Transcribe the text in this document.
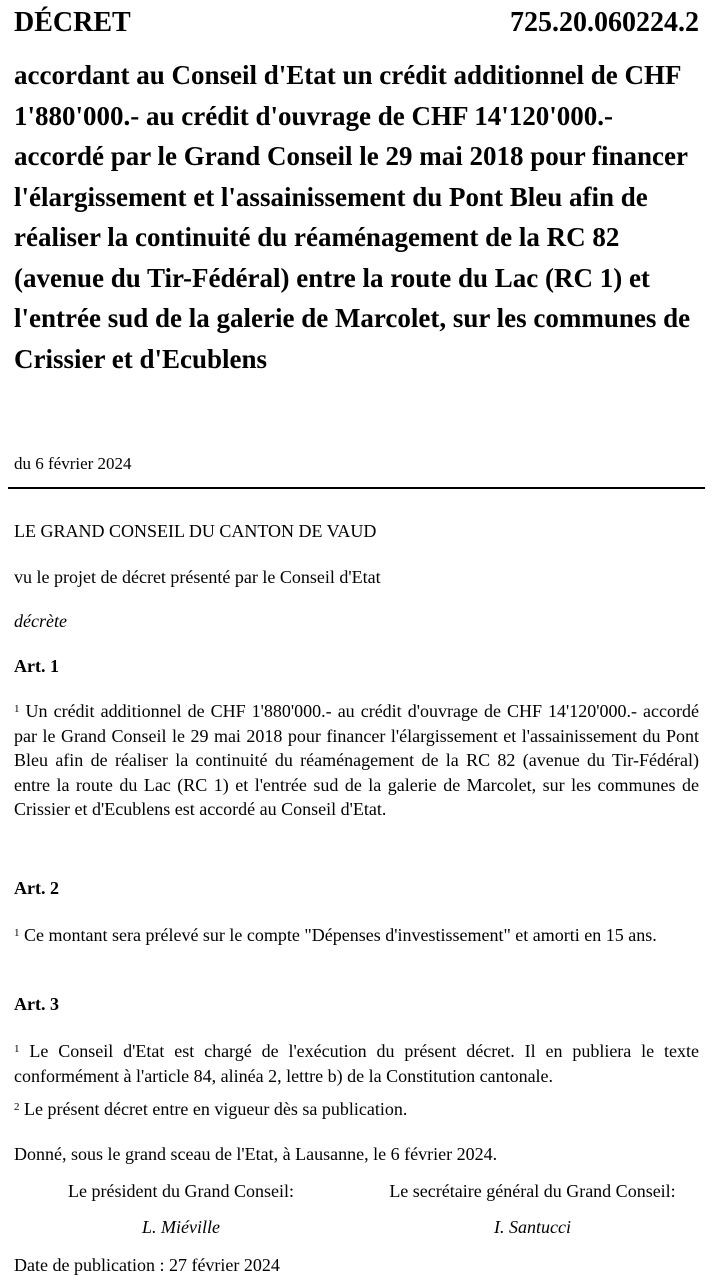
DÉCRET	725.20.060224.2

accordant au Conseil d'Etat un crédit additionnel de CHF 1'880'000.- au crédit d'ouvrage de CHF 14'120'000.- accordé par le Grand Conseil le 29 mai 2018 pour financer l'élargissement et l'assainissement du Pont Bleu afin de réaliser la continuité du réaménagement de la RC 82 (avenue du Tir-Fédéral) entre la route du Lac (RC 1) et l'entrée sud de la galerie de Marcolet, sur les communes de Crissier et d'Ecublens

du 6 février 2024

LE GRAND CONSEIL DU CANTON DE VAUD

vu le projet de décret présenté par le Conseil d'Etat

décrète

Art. 1

$^1$ Un crédit additionnel de CHF 1'880'000.- au crédit d'ouvrage de CHF 14'120'000.- accordé par le Grand Conseil le 29 mai 2018 pour financer l'élargissement et l'assainissement du Pont Bleu afin de réaliser la continuité du réaménagement de la RC 82 (avenue du Tir-Fédéral) entre la route du Lac (RC 1) et l'entrée sud de la galerie de Marcolet, sur les communes de Crissier et d'Ecublens est accordé au Conseil d'Etat.

Art. 2

$^1$ Ce montant sera prélevé sur le compte "Dépenses d'investissement" et amorti en 15 ans.

Art. 3

$^1$ Le Conseil d'Etat est chargé de l'exécution du présent décret. Il en publiera le texte conformément à l'article 84, alinéa 2, lettre b) de la Constitution cantonale.

$^2$ Le présent décret entre en vigueur dès sa publication.

Donné, sous le grand sceau de l'Etat, à Lausanne, le 6 février 2024.

Le président du Grand Conseil:	Le secrétaire général du Grand Conseil:
L. Miéville	I. Santucci

Date de publication : 27 février 2024
